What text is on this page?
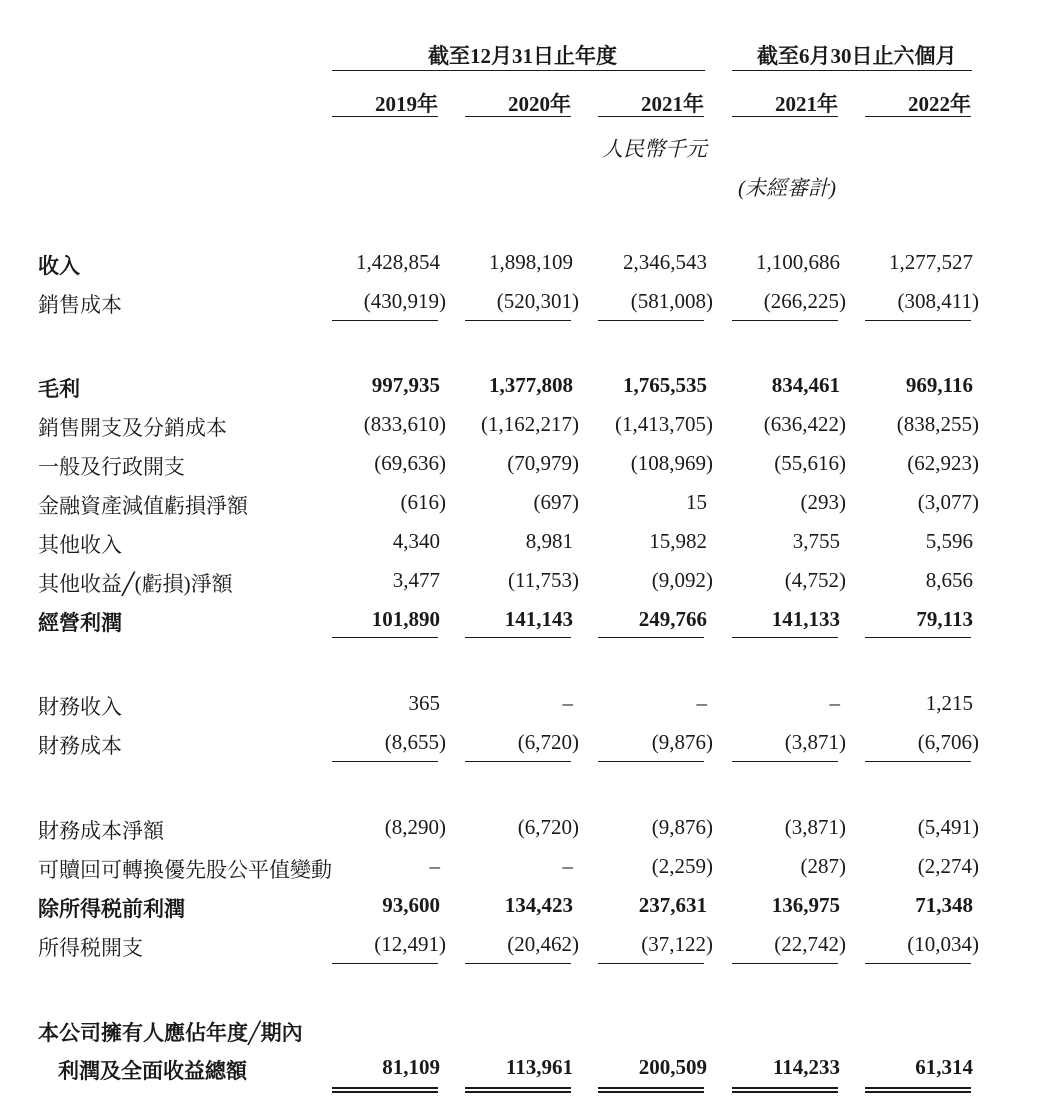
截至12月31日止年度	截至6月30日止六個月
2019年	2020年	2021年	2021年	2022年
人民幣千元
(未經審計)
收入	1,428,854	1,898,109	2,346,543	1,100,686	1,277,527
銷售成本	(430,919)	(520,301)	(581,008)	(266,225)	(308,411)
毛利	997,935	1,377,808	1,765,535	834,461	969,116
銷售開支及分銷成本	(833,610)	(1,162,217)	(1,413,705)	(636,422)	(838,255)
一般及行政開支	(69,636)	(70,979)	(108,969)	(55,616)	(62,923)
金融資產減值虧損淨額	(616)	(697)	15	(293)	(3,077)
其他收入	4,340	8,981	15,982	3,755	5,596
其他收益╱(虧損)淨額	3,477	(11,753)	(9,092)	(4,752)	8,656
經營利潤	101,890	141,143	249,766	141,133	79,113
財務收入	365	–	–	–	1,215
財務成本	(8,655)	(6,720)	(9,876)	(3,871)	(6,706)
財務成本淨額	(8,290)	(6,720)	(9,876)	(3,871)	(5,491)
可贖回可轉換優先股公平值變動	–	–	(2,259)	(287)	(2,274)
除所得税前利潤	93,600	134,423	237,631	136,975	71,348
所得税開支	(12,491)	(20,462)	(37,122)	(22,742)	(10,034)
本公司擁有人應佔年度╱期內
利潤及全面收益總額	81,109	113,961	200,509	114,233	61,314
